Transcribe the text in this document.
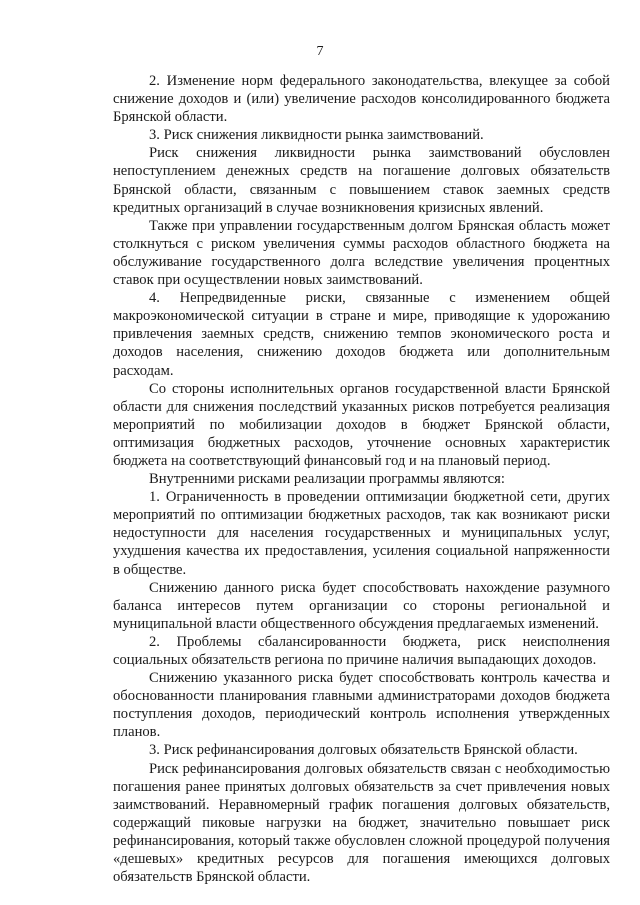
7

2. Изменение норм федерального законодательства, влекущее за собой снижение доходов и (или) увеличение расходов консолидированного бюджета Брянской области.

3. Риск снижения ликвидности рынка заимствований.

Риск снижения ликвидности рынка заимствований обусловлен непоступлением денежных средств на погашение долговых обязательств Брянской области, связанным с повышением ставок заемных средств кредитных организаций в случае возникновения кризисных явлений.

Также при управлении государственным долгом Брянская область может столкнуться с риском увеличения суммы расходов областного бюджета на обслуживание государственного долга вследствие увеличения процентных ставок при осуществлении новых заимствований.

4. Непредвиденные риски, связанные с изменением общей макроэкономической ситуации в стране и мире, приводящие к удорожанию привлечения заемных средств, снижению темпов экономического роста и доходов населения, снижению доходов бюджета или дополнительным расходам.

Со стороны исполнительных органов государственной власти Брянской области для снижения последствий указанных рисков потребуется реализация мероприятий по мобилизации доходов в бюджет Брянской области, оптимизация бюджетных расходов, уточнение основных характеристик бюджета на соответствующий финансовый год и на плановый период.

Внутренними рисками реализации программы являются:

1. Ограниченность в проведении оптимизации бюджетной сети, других мероприятий по оптимизации бюджетных расходов, так как возникают риски недоступности для населения государственных и муниципальных услуг, ухудшения качества их предоставления, усиления социальной напряженности в обществе.

Снижению данного риска будет способствовать нахождение разумного баланса интересов путем организации со стороны региональной и муниципальной власти общественного обсуждения предлагаемых изменений.

2. Проблемы сбалансированности бюджета, риск неисполнения социальных обязательств региона по причине наличия выпадающих доходов.

Снижению указанного риска будет способствовать контроль качества и обоснованности планирования главными администраторами доходов бюджета поступления доходов, периодический контроль исполнения утвержденных планов.

3. Риск рефинансирования долговых обязательств Брянской области.

Риск рефинансирования долговых обязательств связан с необходимостью погашения ранее принятых долговых обязательств за счет привлечения новых заимствований. Неравномерный график погашения долговых обязательств, содержащий пиковые нагрузки на бюджет, значительно повышает риск рефинансирования, который также обусловлен сложной процедурой получения «дешевых» кредитных ресурсов для погашения имеющихся долговых обязательств Брянской области.
